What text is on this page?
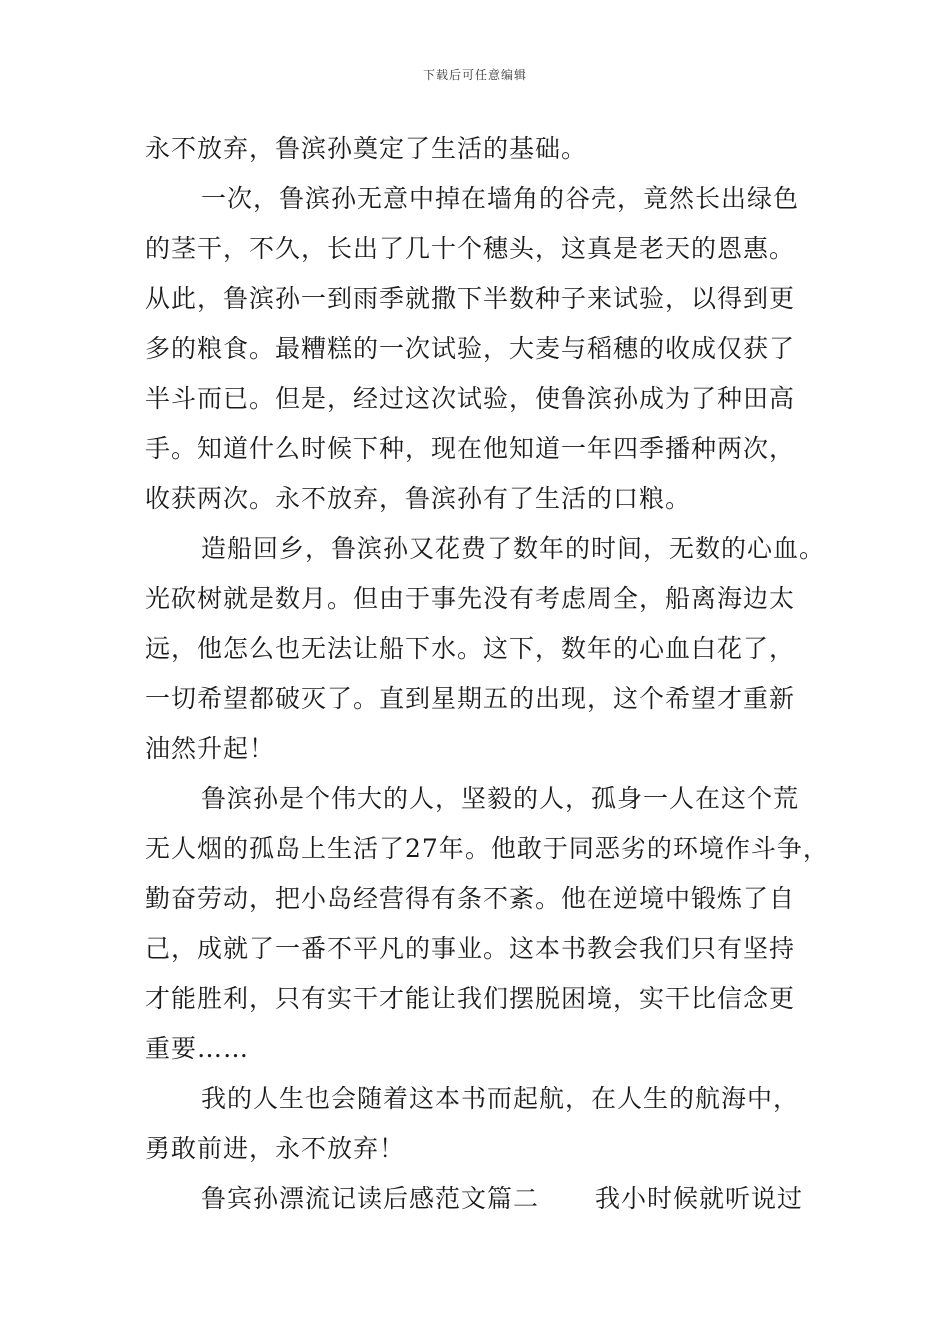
下载后可任意编辑
永不放弃，鲁滨孙奠定了生活的基础。
一次，鲁滨孙无意中掉在墙角的谷壳，竟然长出绿色
的茎干，不久，长出了几十个穗头，这真是老天的恩惠。
从此，鲁滨孙一到雨季就撒下半数种子来试验，以得到更
多的粮食。最糟糕的一次试验，大麦与稻穗的收成仅获了
半斗而已。但是，经过这次试验，使鲁滨孙成为了种田高
手。知道什么时候下种，现在他知道一年四季播种两次，
收获两次。永不放弃，鲁滨孙有了生活的口粮。
造船回乡，鲁滨孙又花费了数年的时间，无数的心血。
光砍树就是数月。但由于事先没有考虑周全，船离海边太
远，他怎么也无法让船下水。这下，数年的心血白花了，
一切希望都破灭了。直到星期五的出现，这个希望才重新
油然升起！
鲁滨孙是个伟大的人，坚毅的人，孤身一人在这个荒
无人烟的孤岛上生活了27年。他敢于同恶劣的环境作斗争，
勤奋劳动，把小岛经营得有条不紊。他在逆境中锻炼了自
己，成就了一番不平凡的事业。这本书教会我们只有坚持
才能胜利，只有实干才能让我们摆脱困境，实干比信念更
重要……
我的人生也会随着这本书而起航，在人生的航海中，
勇敢前进，永不放弃！
鲁宾孙漂流记读后感范文篇二 我小时候就听说过
